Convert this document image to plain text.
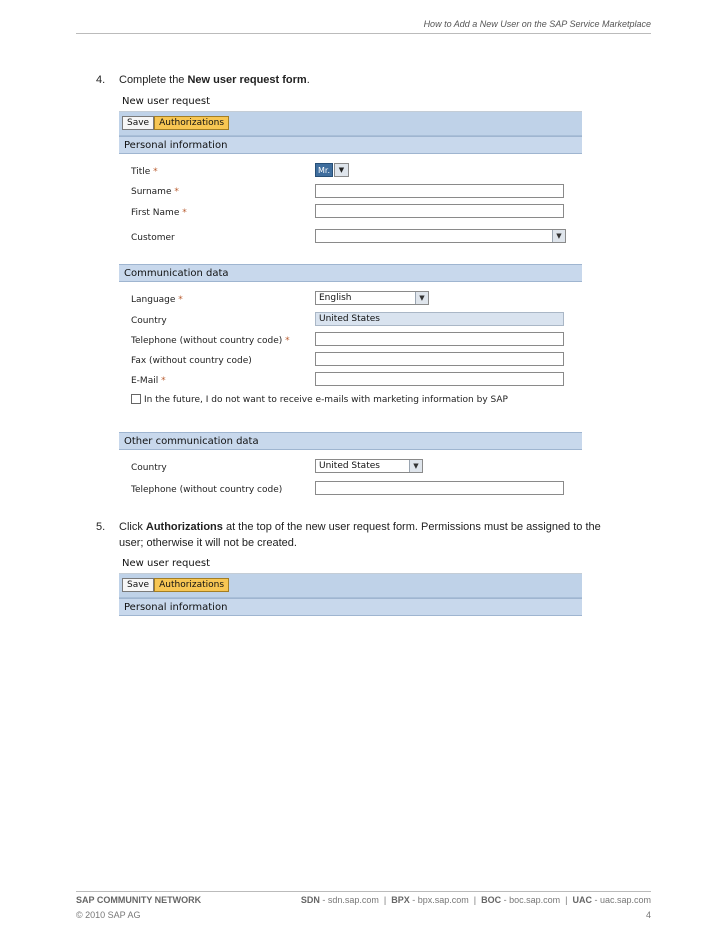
How to Add a New User on the SAP Service Marketplace
4. Complete the New user request form.
New user request
Save Authorizations
Personal information
Title *	Mr.	▼
Surname *
First Name *
Customer	▼
Communication data
Language *	English	▼
Country	United States
Telephone (without country code) *
Fax (without country code)
E-Mail *
In the future, I do not want to receive e-mails with marketing information by SAP
Other communication data
Country	United States	▼
Telephone (without country code)
5. Click Authorizations at the top of the new user request form. Permissions must be assigned to the
user; otherwise it will not be created.
New user request
Save Authorizations
Personal information
SAP COMMUNITY NETWORK	SDN - sdn.sap.com  |  BPX - bpx.sap.com  |  BOC - boc.sap.com  |  UAC - uac.sap.com
© 2010 SAP AG	4
